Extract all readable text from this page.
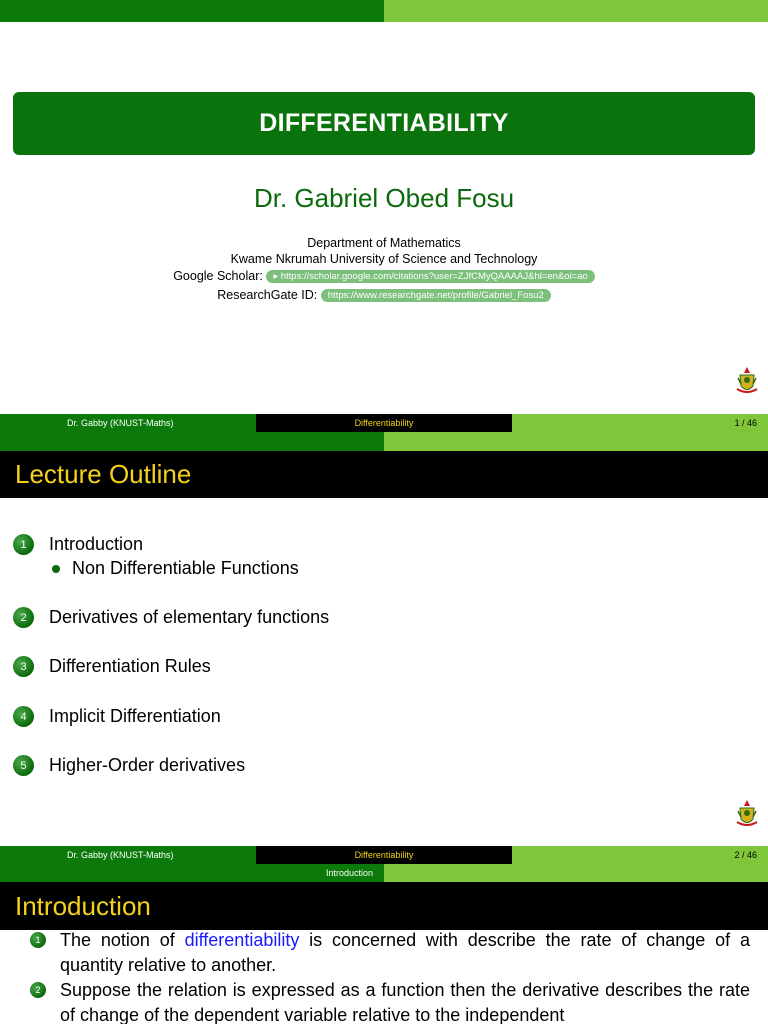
DIFFERENTIABILITY
Dr. Gabriel Obed Fosu
Department of Mathematics
Kwame Nkrumah University of Science and Technology
Google Scholar: ▸ https://scholar.google.com/citations?user=ZJfCMyQAAAAJ&hl=en&oi=ao
ResearchGate ID: https://www.researchgate.net/profile/Gabriel_Fosu2
Dr. Gabby (KNUST-Maths)	Differentiability	1 / 46
Lecture Outline
1	Introduction
Non Differentiable Functions
2	Derivatives of elementary functions
3	Differentiation Rules
4	Implicit Differentiation
5	Higher-Order derivatives
Dr. Gabby (KNUST-Maths)	Differentiability	2 / 46
Introduction
Introduction
1	The notion of differentiability is concerned with describe the rate of change of a quantity relative to another.
2	Suppose the relation is expressed as a function then the derivative describes the rate of change of the dependent variable relative to the independent
